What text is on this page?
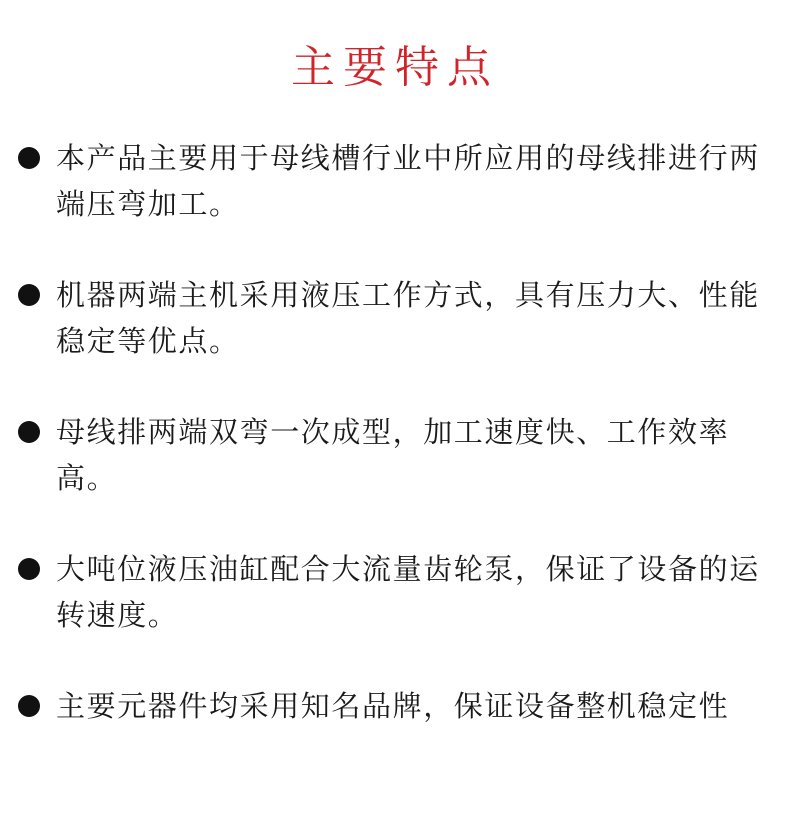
主要特点
本产品主要用于母线槽行业中所应用的母线排进行两端压弯加工。
机器两端主机采用液压工作方式，具有压力大、性能稳定等优点。
母线排两端双弯一次成型，加工速度快、工作效率高。
大吨位液压油缸配合大流量齿轮泵，保证了设备的运转速度。
主要元器件均采用知名品牌，保证设备整机稳定性
